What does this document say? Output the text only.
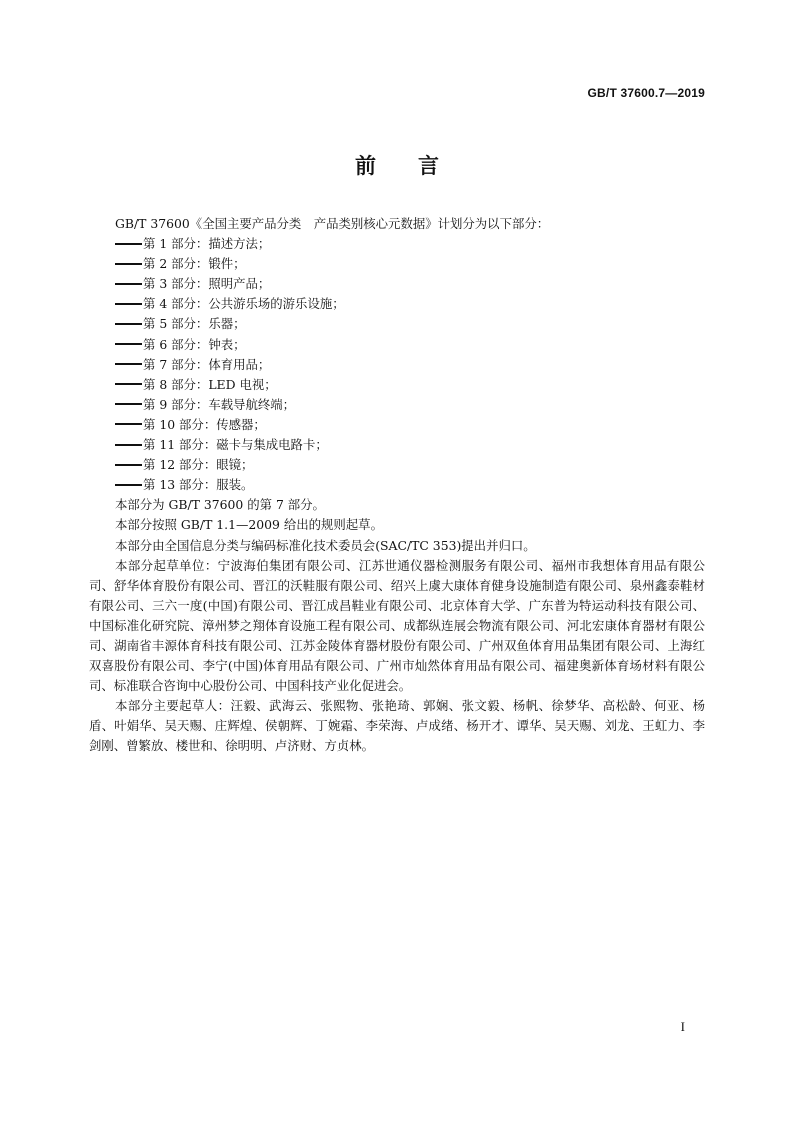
GB/T 37600.7—2019
前　　言

GB/T 37600《全国主要产品分类　产品类别核心元数据》计划分为以下部分：

第 1 部分：描述方法；

第 2 部分：锻件；

第 3 部分：照明产品；

第 4 部分：公共游乐场的游乐设施；

第 5 部分：乐器；

第 6 部分：钟表；

第 7 部分：体育用品；

第 8 部分：LED 电视；

第 9 部分：车载导航终端；

第 10 部分：传感器；

第 11 部分：磁卡与集成电路卡；

第 12 部分：眼镜；

第 13 部分：服装。

本部分为 GB/T 37600 的第 7 部分。

本部分按照 GB/T 1.1—2009 给出的规则起草。

本部分由全国信息分类与编码标准化技术委员会(SAC/TC 353)提出并归口。

本部分起草单位：宁波海伯集团有限公司、江苏世通仪器检测服务有限公司、福州市我想体育用品有限公司、舒华体育股份有限公司、晋江的沃鞋服有限公司、绍兴上虞大康体育健身设施制造有限公司、泉州鑫泰鞋材有限公司、三六一度(中国)有限公司、晋江成昌鞋业有限公司、北京体育大学、广东普为特运动科技有限公司、中国标准化研究院、漳州梦之翔体育设施工程有限公司、成都纵连展会物流有限公司、河北宏康体育器材有限公司、湖南省丰源体育科技有限公司、江苏金陵体育器材股份有限公司、广州双鱼体育用品集团有限公司、上海红双喜股份有限公司、李宁(中国)体育用品有限公司、广州市灿然体育用品有限公司、福建奥新体育场材料有限公司、标准联合咨询中心股份公司、中国科技产业化促进会。

本部分主要起草人：汪毅、武海云、张熙物、张艳琦、郭娴、张文毅、杨帆、徐梦华、高松龄、何亚、杨盾、叶娟华、吴天赐、庄辉煌、侯朝辉、丁婉霜、李荣海、卢成绪、杨开才、谭华、吴天赐、刘龙、王虹力、李剑刚、曾繁放、楼世和、徐明明、卢济财、方贞林。

I
